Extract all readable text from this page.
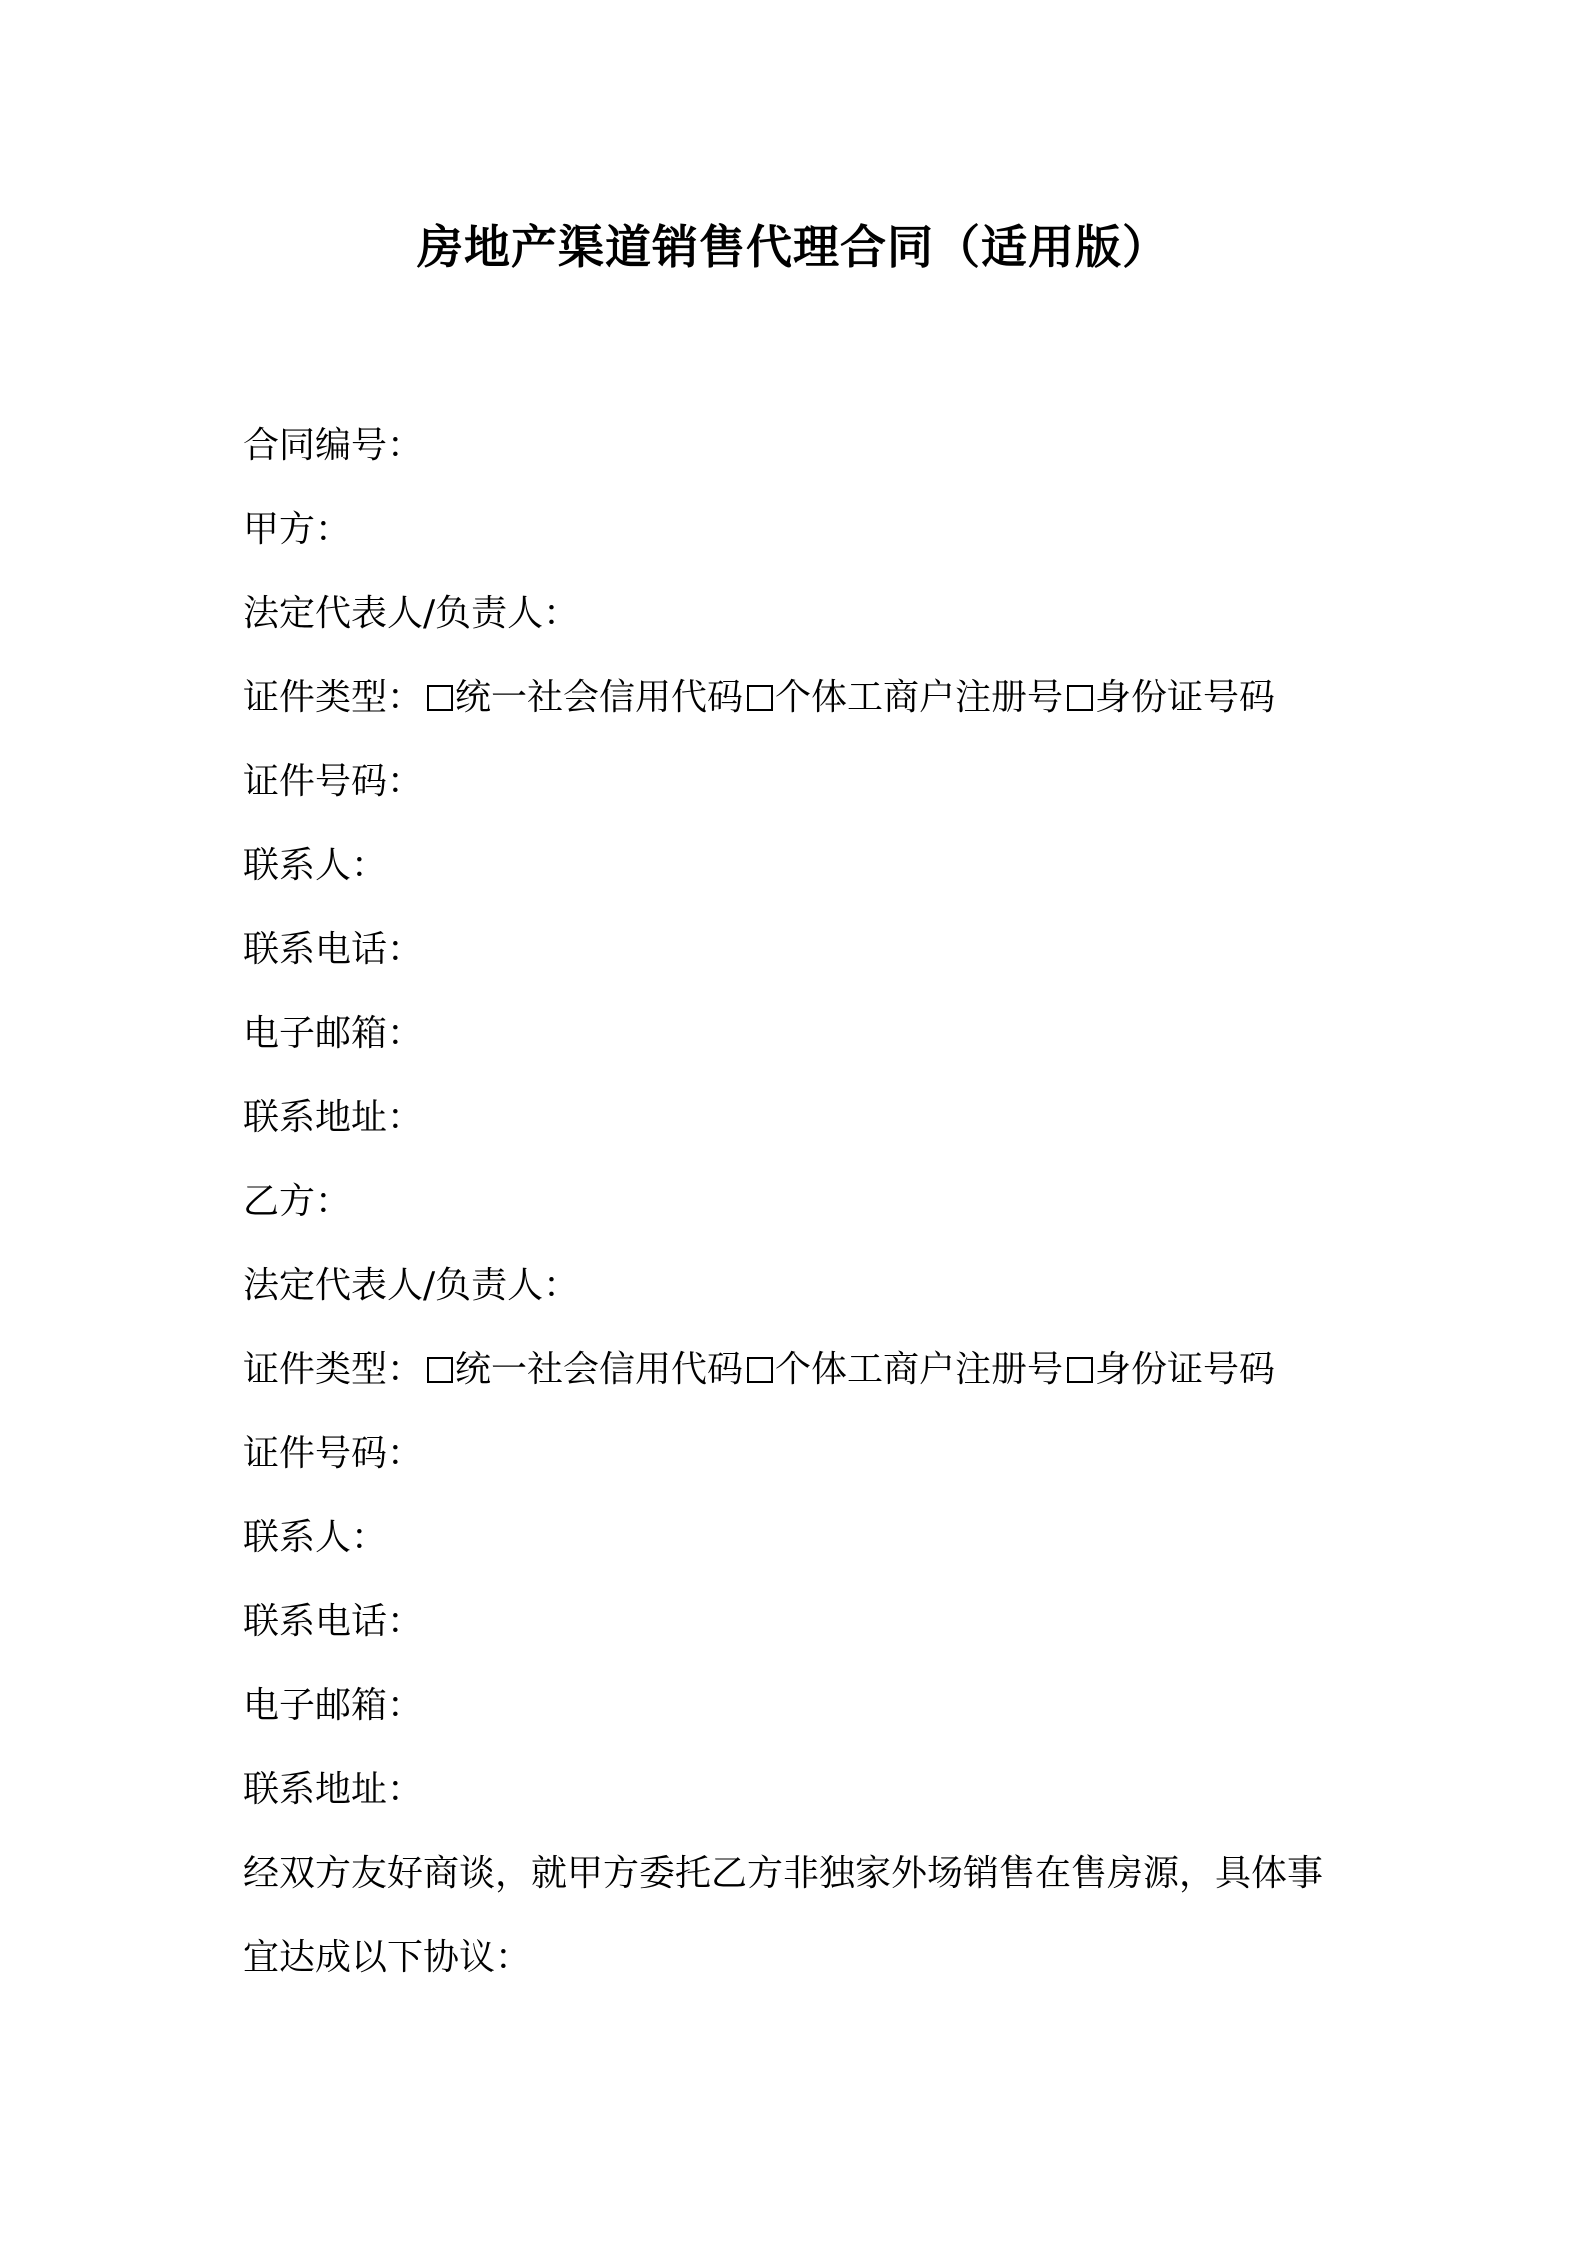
房地产渠道销售代理合同（适用版）
合同编号：
甲方：
法定代表人/负责人：
证件类型： 统一社会信用代码 个体工商户注册号 身份证号码
证件号码：
联系人：
联系电话：
电子邮箱：
联系地址：
乙方：
法定代表人/负责人：
证件类型： 统一社会信用代码 个体工商户注册号 身份证号码
证件号码：
联系人：
联系电话：
电子邮箱：
联系地址：
经双方友好商谈，就甲方委托乙方非独家外场销售在售房源，具体事
宜达成以下协议：
